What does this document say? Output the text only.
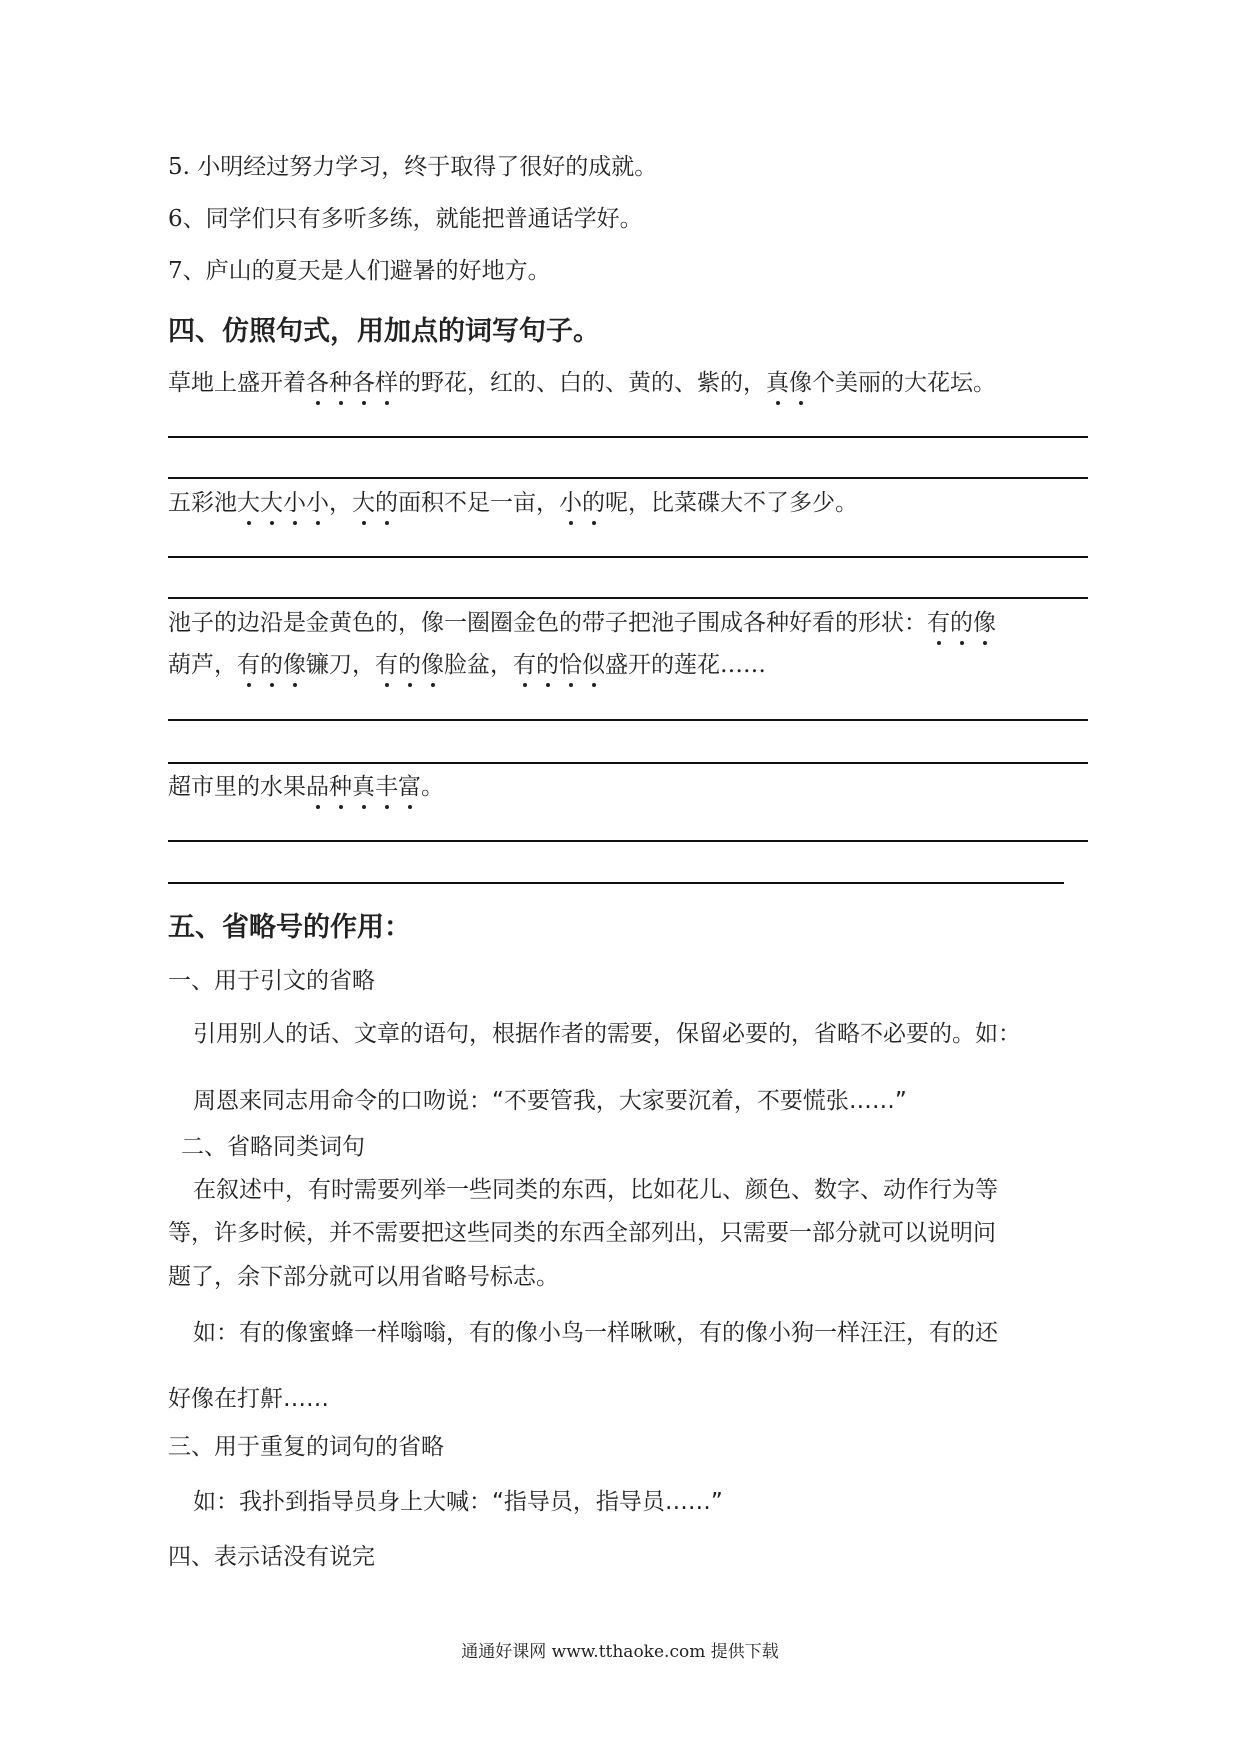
5. 小明经过努力学习，终于取得了很好的成就。
6、同学们只有多听多练，就能把普通话学好。
7、庐山的夏天是人们避暑的好地方。
四、仿照句式，用加点的词写句子。
草地上盛开着各种各样的野花，红的、白的、黄的、紫的，真像个美丽的大花坛。
五彩池大大小小，大的面积不足一亩，小的呢，比菜碟大不了多少。
池子的边沿是金黄色的，像一圈圈金色的带子把池子围成各种好看的形状：有的像
葫芦，有的像镰刀，有的像脸盆，有的恰似盛开的莲花……
超市里的水果品种真丰富。
五、省略号的作用：
一、用于引文的省略
引用别人的话、文章的语句，根据作者的需要，保留必要的，省略不必要的。如：
周恩来同志用命令的口吻说：“不要管我，大家要沉着，不要慌张……”
二、省略同类词句
在叙述中，有时需要列举一些同类的东西，比如花儿、颜色、数字、动作行为等
等，许多时候，并不需要把这些同类的东西全部列出，只需要一部分就可以说明问
题了，余下部分就可以用省略号标志。
如：有的像蜜蜂一样嗡嗡，有的像小鸟一样啾啾，有的像小狗一样汪汪，有的还
好像在打鼾……
三、用于重复的词句的省略
如：我扑到指导员身上大喊：“指导员，指导员……”
四、表示话没有说完
通通好课网 www.tthaoke.com 提供下载
